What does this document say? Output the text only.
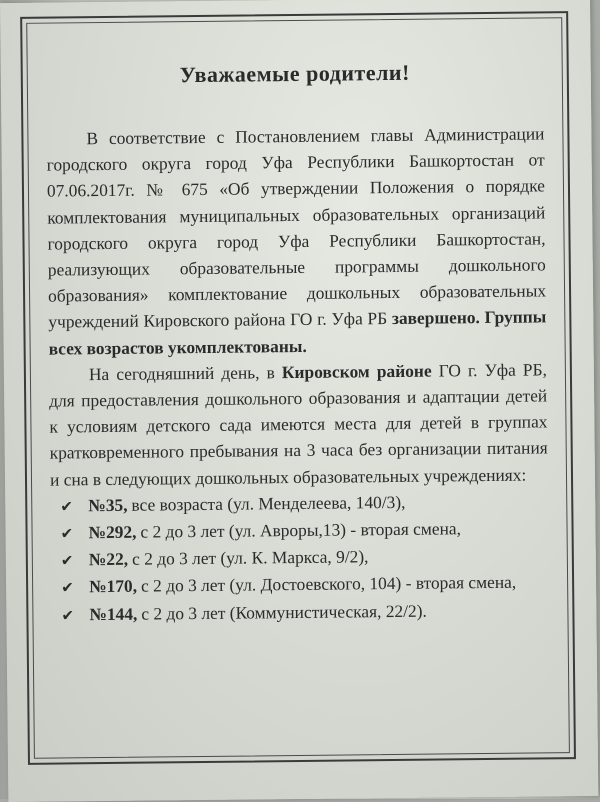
Уважаемые родители!

В соответствие с Постановлением главы Администрации городского округа город Уфа Республики Башкортостан от 07.06.2017г. № 675 «Об утверждении Положения о порядке комплектования муниципальных образовательных организаций городского округа город Уфа Республики Башкортостан, реализующих образовательные программы дошкольного образования» комплектование дошкольных образовательных учреждений Кировского района ГО г. Уфа РБ завершено. Группы всех возрастов укомплектованы.

На сегодняшний день, в Кировском районе ГО г. Уфа РБ, для предоставления дошкольного образования и адаптации детей к условиям детского сада имеются места для детей в группах кратковременного пребывания на 3 часа без организации питания и сна в следующих дошкольных образовательных учреждениях:

✔ №35, все возраста (ул. Менделеева, 140/3),
✔ №292, с 2 до 3 лет (ул. Авроры,13) - вторая смена,
✔ №22, с 2 до 3 лет (ул. К. Маркса, 9/2),
✔ №170, с 2 до 3 лет (ул. Достоевского, 104) - вторая смена,
✔ №144, с 2 до 3 лет (Коммунистическая, 22/2).
